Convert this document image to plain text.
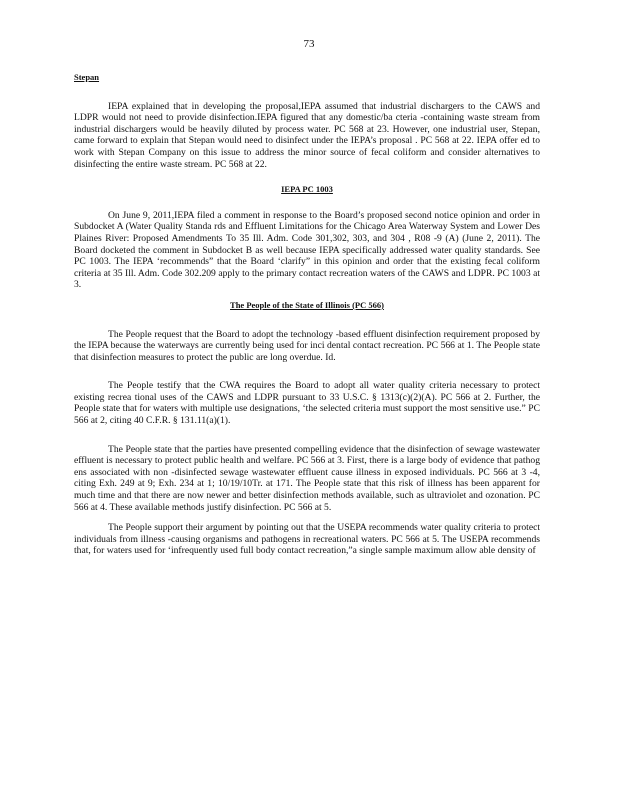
73

Stepan

IEPA explained that in developing the proposal,IEPA assumed that industrial dischargers to the CAWS and LDPR would not need to provide disinfection.IEPA figured that any domestic/ba cteria -containing waste stream from industrial dischargers would be heavily diluted by process water. PC 568 at 23. However, one industrial user, Stepan, came forward to explain that Stepan would need to disinfect under the IEPA’s proposal . PC 568 at 22. IEPA offer ed to work with Stepan Company on this issue to address the minor source of fecal coliform and consider alternatives to disinfecting the entire waste stream. PC 568 at 22.

IEPA PC 1003

On June 9, 2011,IEPA filed a comment in response to the Board’s proposed second notice opinion and order in Subdocket A (Water Quality Standa rds and Effluent Limitations for the Chicago Area Waterway System and Lower Des Plaines River: Proposed Amendments To 35 Ill. Adm. Code 301,302, 303, and 304 , R08 -9 (A) (June 2, 2011). The Board docketed the comment in Subdocket B as well because IEPA specifically addressed water quality standards. See PC 1003. The IEPA ‘recommends” that the Board ‘clarify” in this opinion and order that the existing fecal coliform criteria at 35 Ill. Adm. Code 302.209 apply to the primary contact recreation waters of the CAWS and LDPR. PC 1003 at 3.

The People of the State of Illinois (PC 566)

The People request that the Board to adopt the technology -based effluent disinfection requirement proposed by the IEPA because the waterways are currently being used for inci dental contact recreation. PC 566 at 1. The People state that disinfection measures to protect the public are long overdue. Id.

The People testify that the CWA requires the Board to adopt all water quality criteria necessary to protect existing recrea tional uses of the CAWS and LDPR pursuant to 33 U.S.C. § 1313(c)(2)(A). PC 566 at 2. Further, the People state that for waters with multiple use designations, ‘the selected criteria must support the most sensitive use.” PC 566 at 2, citing 40 C.F.R. § 131.11(a)(1).

The People state that the parties have presented compelling evidence that the disinfection of sewage wastewater effluent is necessary to protect public health and welfare. PC 566 at 3. First, there is a large body of evidence that pathog ens associated with non -disinfected sewage wastewater effluent cause illness in exposed individuals. PC 566 at 3 -4, citing Exh. 249 at 9; Exh. 234 at 1; 10/19/10Tr. at 171. The People state that this risk of illness has been apparent for much time and that there are now newer and better disinfection methods available, such as ultraviolet and ozonation. PC 566 at 4. These available methods justify disinfection. PC 566 at 5.

The People support their argument by pointing out that the USEPA recommends water quality criteria to protect individuals from illness -causing organisms and pathogens in recreational waters. PC 566 at 5. The USEPA recommends that, for waters used for ‘infrequently used full body contact recreation,”a single sample maximum allow able density of
